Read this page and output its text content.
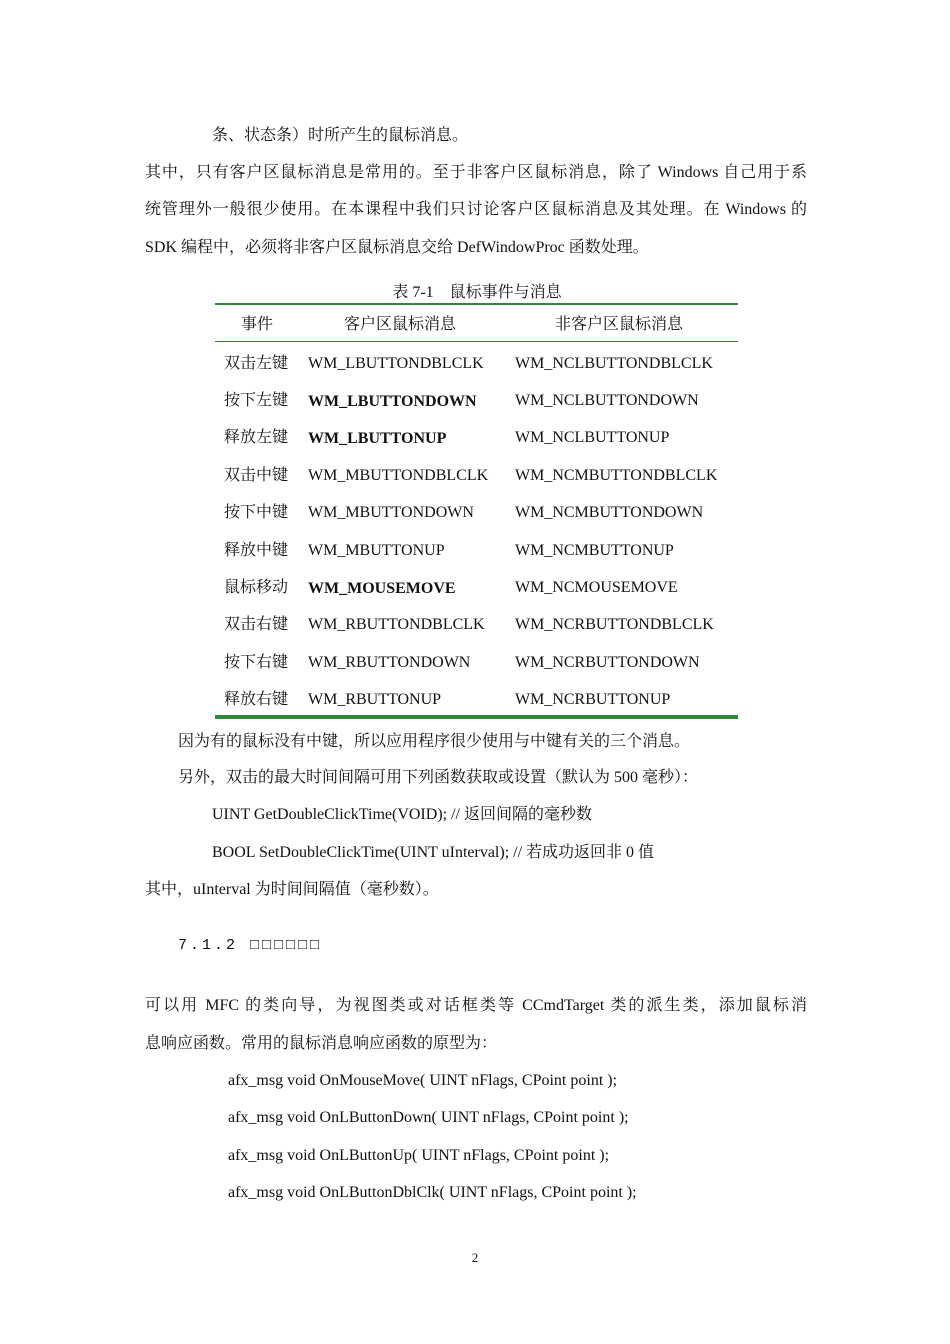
条、状态条）时所产生的鼠标消息。
其中，只有客户区鼠标消息是常用的。至于非客户区鼠标消息，除了 Windows 自己用于系
统管理外一般很少使用。在本课程中我们只讨论客户区鼠标消息及其处理。在 Windows 的
SDK 编程中，必须将非客户区鼠标消息交给 DefWindowProc 函数处理。
表 7-1　鼠标事件与消息
事件	客户区鼠标消息	非客户区鼠标消息
双击左键 WM_LBUTTONDBLCLK WM_NCLBUTTONDBLCLK
按下左键 WM_LBUTTONDOWN WM_NCLBUTTONDOWN
释放左键 WM_LBUTTONUP	WM_NCLBUTTONUP
双击中键 WM_MBUTTONDBLCLK WM_NCMBUTTONDBLCLK
按下中键 WM_MBUTTONDOWN	WM_NCMBUTTONDOWN
释放中键 WM_MBUTTONUP	WM_NCMBUTTONUP
鼠标移动 WM_MOUSEMOVE	WM_NCMOUSEMOVE
双击右键 WM_RBUTTONDBLCLK WM_NCRBUTTONDBLCLK
按下右键 WM_RBUTTONDOWN	WM_NCRBUTTONDOWN
释放右键 WM_RBUTTONUP	WM_NCRBUTTONUP
因为有的鼠标没有中键，所以应用程序很少使用与中键有关的三个消息。
另外，双击的最大时间间隔可用下列函数获取或设置（默认为 500 毫秒）：
UINT GetDoubleClickTime(VOID); // 返回间隔的毫秒数
BOOL SetDoubleClickTime(UINT uInterval); // 若成功返回非 0 值
其中，uInterval 为时间间隔值（毫秒数）。
7.1.2 □□□□□□
可以用 MFC 的类向导，为视图类或对话框类等 CCmdTarget 类的派生类，添加鼠标消
息响应函数。常用的鼠标消息响应函数的原型为：
afx_msg void OnMouseMove( UINT nFlags, CPoint point );
afx_msg void OnLButtonDown( UINT nFlags, CPoint point );
afx_msg void OnLButtonUp( UINT nFlags, CPoint point );
afx_msg void OnLButtonDblClk( UINT nFlags, CPoint point );
2
